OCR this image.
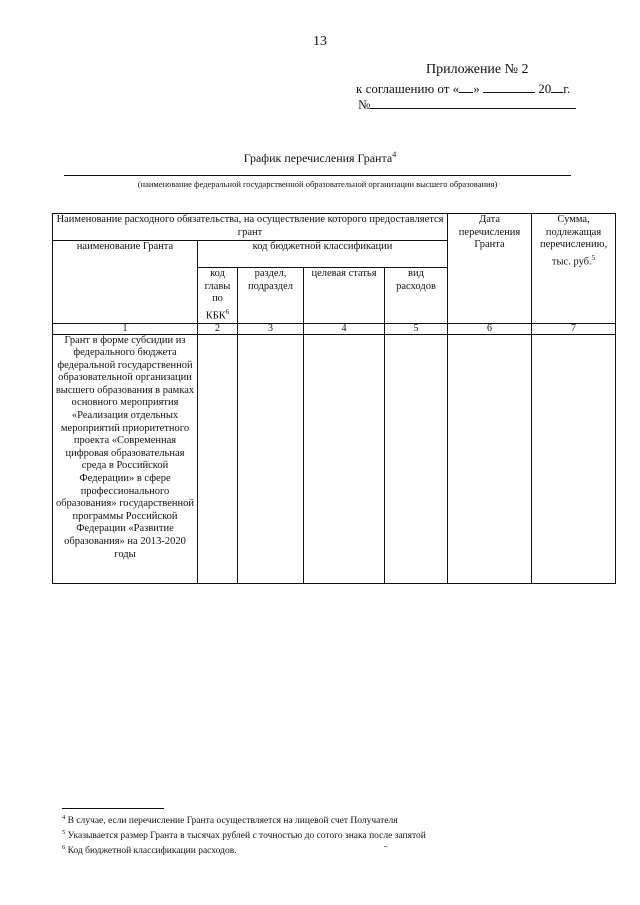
13
Приложение № 2
к соглашению от « »	20 г.
№
График перечисления Гранта$^4$
(наименование федеральной государственной образовательной организации высшего образования)
Наименование расходного обязательства, на осуществление которого предоставляется грант					Дата перечисления Гранта	Сумма, подлежащая перечислению, тыс. руб.$^5$
наименование Гранта	код бюджетной классификации					
	код главы по КБК$^6$	раздел, подраздел	целевая статья	вид расходов		
1	2	3	4	5	6	7
Грант в форме субсидии из федерального бюджета федеральной государственной образовательной организации высшего образования в рамках основного мероприятия «Реализация отдельных мероприятий приоритетного проекта «Современная цифровая образовательная среда в Российской Федерации» в сфере профессионального образования» государственной программы Российской Федерации «Развитие образования» на 2013-2020 годы						
$^4$ В случае, если перечисление Гранта осуществляется на лицевой счет Получателя
$^5$ Указывается размер Гранта в тысячах рублей с точностью до сотого знака после запятой
$^6$ Код бюджетной классификации расходов.
